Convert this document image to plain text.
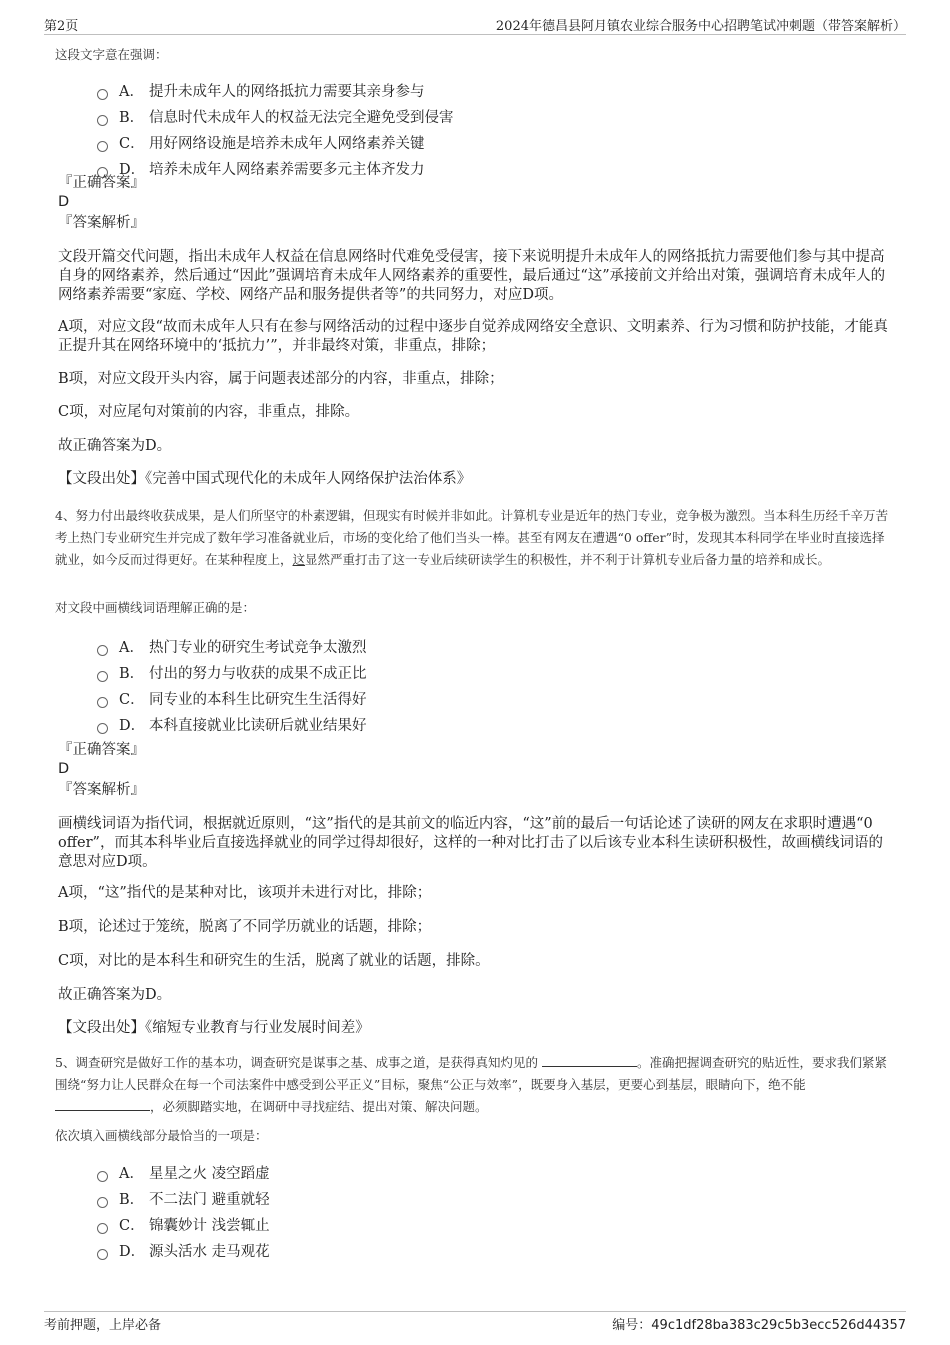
第2页	2024年德昌县阿月镇农业综合服务中心招聘笔试冲刺题（带答案解析）
这段文字意在强调：
A． 提升未成年人的网络抵抗力需要其亲身参与
B． 信息时代未成年人的权益无法完全避免受到侵害
C． 用好网络设施是培养未成年人网络素养关键
D． 培养未成年人网络素养需要多元主体齐发力
『正确答案』
D
『答案解析』
文段开篇交代问题，指出未成年人权益在信息网络时代难免受侵害，接下来说明提升未成年人的网络抵抗力需要他们参与其中提高自身的网络素养，然后通过“因此”强调培育未成年人网络素养的重要性，最后通过“这”承接前文并给出对策，强调培育未成年人的网络素养需要“家庭、学校、网络产品和服务提供者等”的共同努力，对应D项。
A项，对应文段“故而未成年人只有在参与网络活动的过程中逐步自觉养成网络安全意识、文明素养、行为习惯和防护技能，才能真正提升其在网络环境中的‘抵抗力’”，并非最终对策，非重点，排除；
B项，对应文段开头内容，属于问题表述部分的内容，非重点，排除；
C项，对应尾句对策前的内容，非重点，排除。
故正确答案为D。
【文段出处】《完善中国式现代化的未成年人网络保护法治体系》
4、努力付出最终收获成果，是人们所坚守的朴素逻辑，但现实有时候并非如此。计算机专业是近年的热门专业，竞争极为激烈。当本科生历经千辛万苦考上热门专业研究生并完成了数年学习准备就业后，市场的变化给了他们当头一棒。甚至有网友在遭遇“0 offer”时，发现其本科同学在毕业时直接选择就业，如今反而过得更好。在某种程度上，这显然严重打击了这一专业后续研读学生的积极性，并不利于计算机专业后备力量的培养和成长。
对文段中画横线词语理解正确的是：
A． 热门专业的研究生考试竞争太激烈
B． 付出的努力与收获的成果不成正比
C． 同专业的本科生比研究生生活得好
D． 本科直接就业比读研后就业结果好
『正确答案』
D
『答案解析』
画横线词语为指代词，根据就近原则，“这”指代的是其前文的临近内容，“这”前的最后一句话论述了读研的网友在求职时遭遇“0 offer”，而其本科毕业后直接选择就业的同学过得却很好，这样的一种对比打击了以后该专业本科生读研积极性，故画横线词语的意思对应D项。
A项，“这”指代的是某种对比，该项并未进行对比，排除；
B项，论述过于笼统，脱离了不同学历就业的话题，排除；
C项，对比的是本科生和研究生的生活，脱离了就业的话题，排除。
故正确答案为D。
【文段出处】《缩短专业教育与行业发展时间差》
5、调查研究是做好工作的基本功，调查研究是谋事之基、成事之道，是获得真知灼见的	。准确把握调查研究的贴近性，要求我们紧紧围绕“努力让人民群众在每一个司法案件中感受到公平正义”目标，聚焦“公正与效率”，既要身入基层，更要心到基层，眼睛向下，绝不能 ，必须脚踏实地，在调研中寻找症结、提出对策、解决问题。
依次填入画横线部分最恰当的一项是：
A． 星星之火 凌空蹈虚
B． 不二法门 避重就轻
C． 锦囊妙计 浅尝辄止
D． 源头活水 走马观花
考前押题，上岸必备	编号：49c1df28ba383c29c5b3ecc526d44357
